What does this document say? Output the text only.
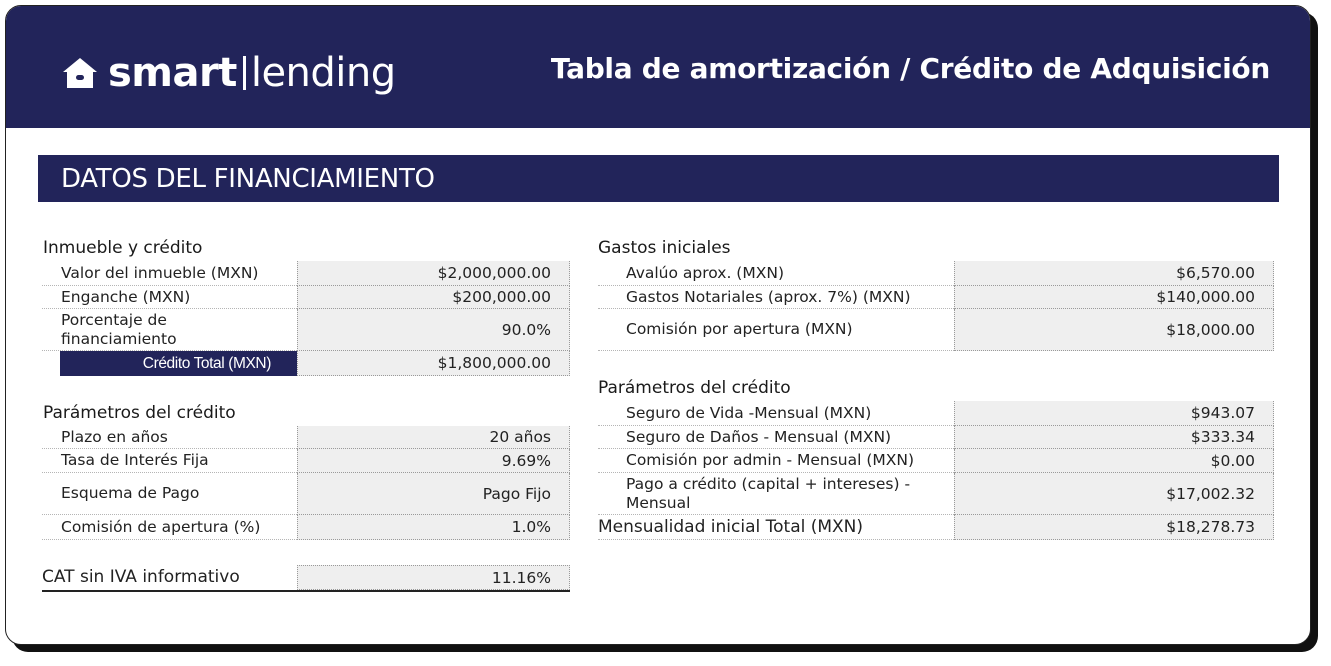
smart lending	Tabla de amortización / Crédito de Adquisición
DATOS DEL FINANCIAMIENTO
Inmueble y crédito
Valor del inmueble (MXN)	$2,000,000.00
Enganche (MXN)	$200,000.00
Porcentaje de financiamiento	90.0%
Crédito Total (MXN)	$1,800,000.00
Parámetros del crédito
Plazo en años	20 años
Tasa de Interés Fija	9.69%
Esquema de Pago	Pago Fijo
Comisión de apertura (%)	1.0%
CAT sin IVA informativo	11.16%
Gastos iniciales
Avalúo aprox. (MXN)	$6,570.00
Gastos Notariales (aprox. 7%) (MXN)	$140,000.00
Comisión por apertura (MXN)	$18,000.00
Parámetros del crédito
Seguro de Vida -Mensual (MXN)	$943.07
Seguro de Daños - Mensual (MXN)	$333.34
Comisión por admin - Mensual (MXN)	$0.00
Pago a crédito (capital + intereses) - Mensual	$17,002.32
Mensualidad inicial Total (MXN)	$18,278.73
